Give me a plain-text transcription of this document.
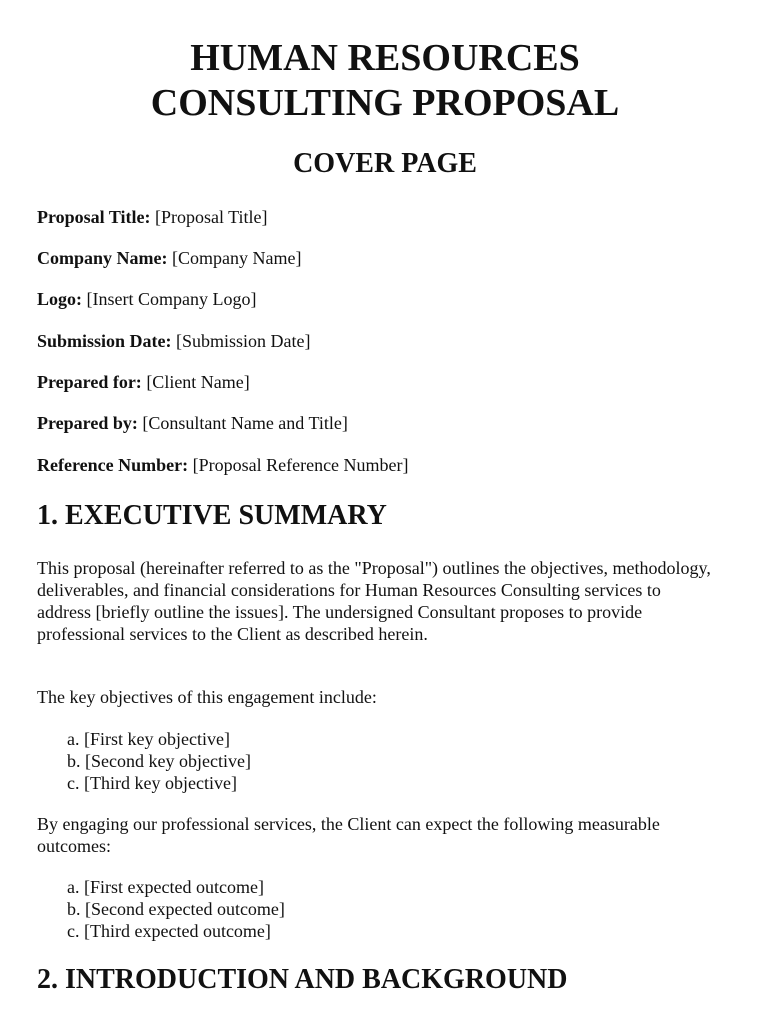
HUMAN RESOURCES
CONSULTING PROPOSAL
COVER PAGE

Proposal Title: [Proposal Title]

Company Name: [Company Name]

Logo: [Insert Company Logo]

Submission Date: [Submission Date]

Prepared for: [Client Name]

Prepared by: [Consultant Name and Title]

Reference Number: [Proposal Reference Number]

1. EXECUTIVE SUMMARY

This proposal (hereinafter referred to as the "Proposal") outlines the objectives, methodology, deliverables, and financial considerations for Human Resources Consulting services to address [briefly outline the issues]. The undersigned Consultant proposes to provide professional services to the Client as described herein.

The key objectives of this engagement include:

a. [First key objective]
b. [Second key objective]
c. [Third key objective]

By engaging our professional services, the Client can expect the following measurable outcomes:

a. [First expected outcome]
b. [Second expected outcome]
c. [Third expected outcome]
2. INTRODUCTION AND BACKGROUND
